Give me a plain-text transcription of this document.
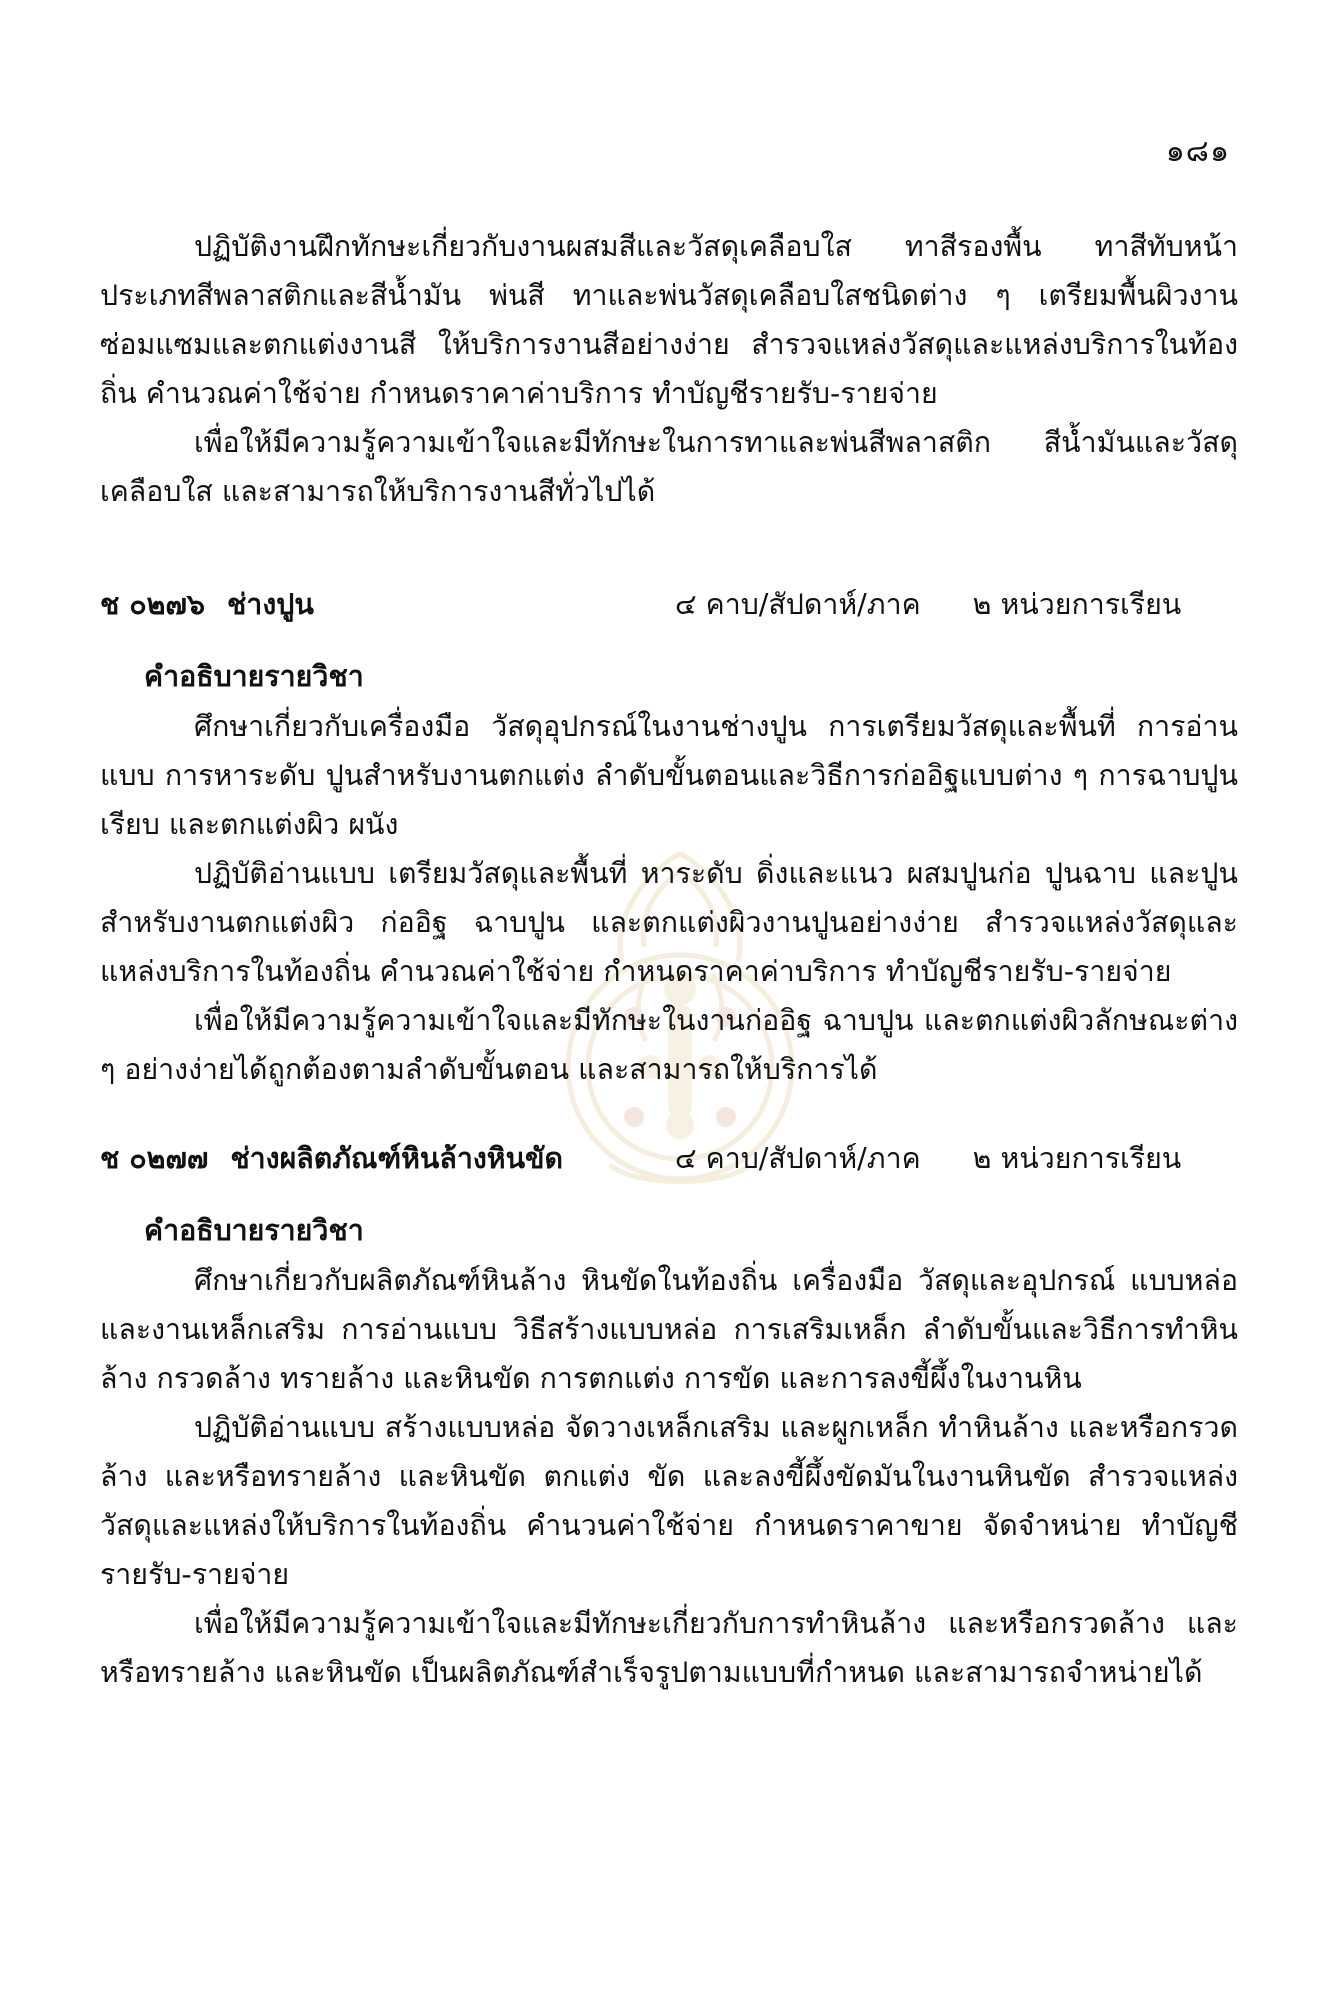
๑๘๑

ปฏิบัติงานฝึกทักษะเกี่ยวกับงานผสมสีและวัสดุเคลือบใส ทาสีรองพื้น ทาสีทับหน้าประเภทสีพลาสติกและสีน้ำมัน พ่นสี ทาและพ่นวัสดุเคลือบใสชนิดต่าง ๆ เตรียมพื้นผิวงาน ซ่อมแซมและตกแต่งงานสี ให้บริการงานสีอย่างง่าย สำรวจแหล่งวัสดุและแหล่งบริการในท้องถิ่น คำนวณค่าใช้จ่าย กำหนดราคาค่าบริการ ทำบัญชีรายรับ-รายจ่าย

เพื่อให้มีความรู้ความเข้าใจและมีทักษะในการทาและพ่นสีพลาสติก สีน้ำมันและวัสดุเคลือบใส และสามารถให้บริการงานสีทั่วไปได้

ช ๐๒๗๖ ช่างปูน	๔ คาบ/สัปดาห์/ภาค ๒ หน่วยการเรียน
คำอธิบายรายวิชา

ศึกษาเกี่ยวกับเครื่องมือ วัสดุอุปกรณ์ในงานช่างปูน การเตรียมวัสดุและพื้นที่ การอ่านแบบ การหาระดับ ปูนสำหรับงานตกแต่ง ลำดับขั้นตอนและวิธีการก่ออิฐแบบต่าง ๆ การฉาบปูนเรียบ และตกแต่งผิว ผนัง

ปฏิบัติอ่านแบบ เตรียมวัสดุและพื้นที่ หาระดับ ดิ่งและแนว ผสมปูนก่อ ปูนฉาบ และปูนสำหรับงานตกแต่งผิว ก่ออิฐ ฉาบปูน และตกแต่งผิวงานปูนอย่างง่าย สำรวจแหล่งวัสดุและแหล่งบริการในท้องถิ่น คำนวณค่าใช้จ่าย กำหนดราคาค่าบริการ ทำบัญชีรายรับ-รายจ่าย

เพื่อให้มีความรู้ความเข้าใจและมีทักษะในงานก่ออิฐ ฉาบปูน และตกแต่งผิวลักษณะต่าง ๆ อย่างง่ายได้ถูกต้องตามลำดับขั้นตอน และสามารถให้บริการได้

ช ๐๒๗๗ ช่างผลิตภัณฑ์หินล้างหินขัด	๔ คาบ/สัปดาห์/ภาค ๒ หน่วยการเรียน
คำอธิบายรายวิชา

ศึกษาเกี่ยวกับผลิตภัณฑ์หินล้าง หินขัดในท้องถิ่น เครื่องมือ วัสดุและอุปกรณ์ แบบหล่อและงานเหล็กเสริม การอ่านแบบ วิธีสร้างแบบหล่อ การเสริมเหล็ก ลำดับขั้นและวิธีการทำหินล้าง กรวดล้าง ทรายล้าง และหินขัด การตกแต่ง การขัด และการลงขี้ผึ้งในงานหิน

ปฏิบัติอ่านแบบ สร้างแบบหล่อ จัดวางเหล็กเสริม และผูกเหล็ก ทำหินล้าง และหรือกรวดล้าง และหรือทรายล้าง และหินขัด ตกแต่ง ขัด และลงขี้ผึ้งขัดมันในงานหินขัด สำรวจแหล่งวัสดุและแหล่งให้บริการในท้องถิ่น คำนวนค่าใช้จ่าย กำหนดราคาขาย จัดจำหน่าย ทำบัญชีรายรับ-รายจ่าย

เพื่อให้มีความรู้ความเข้าใจและมีทักษะเกี่ยวกับการทำหินล้าง และหรือกรวดล้าง และหรือทรายล้าง และหินขัด เป็นผลิตภัณฑ์สำเร็จรูปตามแบบที่กำหนด และสามารถจำหน่ายได้
